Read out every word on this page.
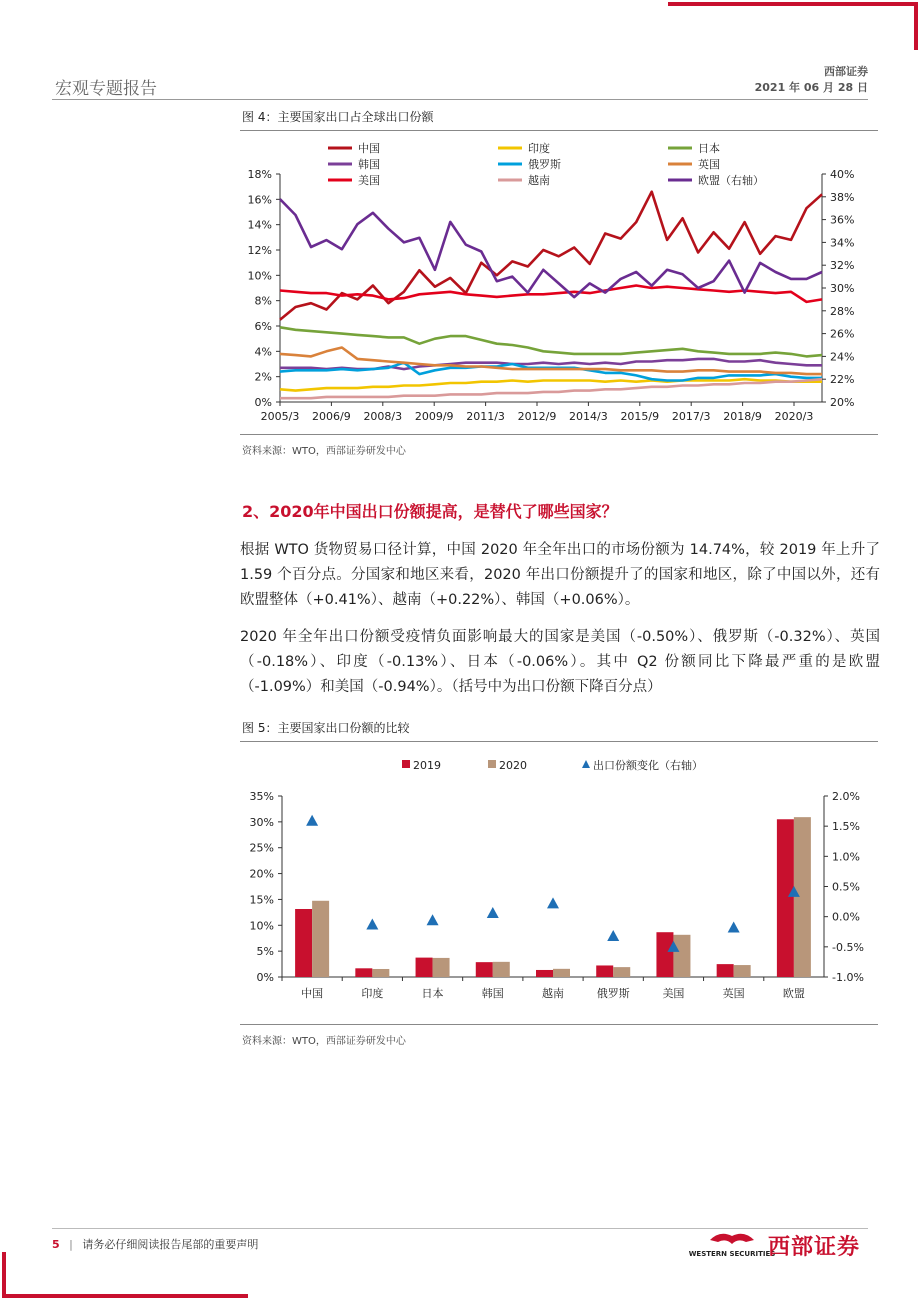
宏观专题报告
西部证券
2021 年 06 月 28 日
图 4：主要国家出口占全球出口份额
中国	印度	日本
韩国	俄罗斯	英国
美国	越南	欧盟（右轴）
0%
2%
4%
6%
8%
10%
12%
14%
16%
18%
20%
22%
24%
26%
28%
30%
32%
34%
36%
38%
40%
2005/3 2006/9 2008/3 2009/9 2011/3 2012/9 2014/3 2015/9 2017/3 2018/9 2020/3
资料来源：WTO，西部证券研发中心
2、2020年中国出口份额提高，是替代了哪些国家？
根据 WTO 货物贸易口径计算，中国 2020 年全年出口的市场份额为 14.74%，较 2019 年上升了 1.59 个百分点。分国家和地区来看，2020 年出口份额提升了的国家和地区，除了中国以外，还有欧盟整体（+0.41%）、越南（+0.22%）、韩国（+0.06%）。
2020 年全年出口份额受疫情负面影响最大的国家是美国（-0.50%）、俄罗斯（-0.32%）、英国（-0.18%）、印度（-0.13%）、日本（-0.06%）。其中 Q2 份额同比下降最严重的是欧盟（-1.09%）和美国（-0.94%）。（括号中为出口份额下降百分点）
图 5：主要国家出口份额的比较
2019	2020	出口份额变化（右轴）
0%
5%
10%
15%
20%
25%
30%
35%
-1.0%
-0.5%
0.0%
0.5%
1.0%
1.5%
2.0%
中国	印度	日本	韩国	越南	俄罗斯	美国	英国	欧盟
资料来源：WTO，西部证券研发中心
5 | 请务必仔细阅读报告尾部的重要声明
WESTERN SECURITIES
西部证券
